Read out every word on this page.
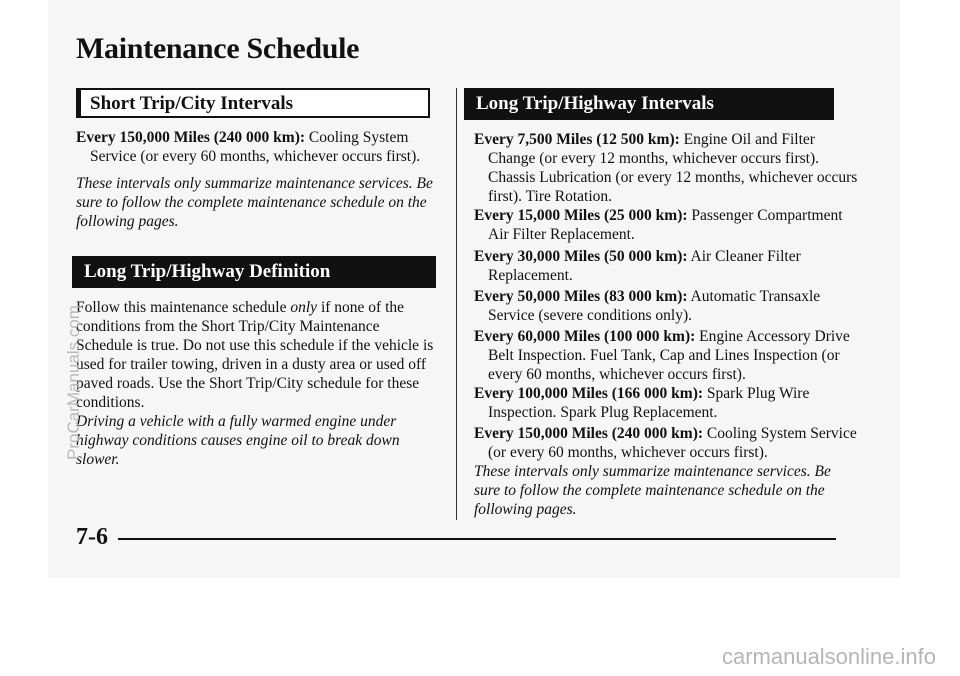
Maintenance Schedule
Short Trip/City Intervals
Every 150,000 Miles (240 000 km): Cooling System Service (or every 60 months, whichever occurs first).
These intervals only summarize maintenance services. Be sure to follow the complete maintenance schedule on the following pages.
Long Trip/Highway Definition
Follow this maintenance schedule only if none of the conditions from the Short Trip/City Maintenance Schedule is true. Do not use this schedule if the vehicle is used for trailer towing, driven in a dusty area or used off paved roads. Use the Short Trip/City schedule for these conditions.
Driving a vehicle with a fully warmed engine under highway conditions causes engine oil to break down slower.
Long Trip/Highway Intervals
Every 7,500 Miles (12 500 km): Engine Oil and Filter Change (or every 12 months, whichever occurs first). Chassis Lubrication (or every 12 months, whichever occurs first). Tire Rotation.
Every 15,000 Miles (25 000 km): Passenger Compartment Air Filter Replacement.
Every 30,000 Miles (50 000 km): Air Cleaner Filter Replacement.
Every 50,000 Miles (83 000 km): Automatic Transaxle Service (severe conditions only).
Every 60,000 Miles (100 000 km): Engine Accessory Drive Belt Inspection. Fuel Tank, Cap and Lines Inspection (or every 60 months, whichever occurs first).
Every 100,000 Miles (166 000 km): Spark Plug Wire Inspection. Spark Plug Replacement.
Every 150,000 Miles (240 000 km): Cooling System Service (or every 60 months, whichever occurs first).
These intervals only summarize maintenance services. Be sure to follow the complete maintenance schedule on the following pages.
7-6
ProCarManuals.com
carmanualsonline.info
